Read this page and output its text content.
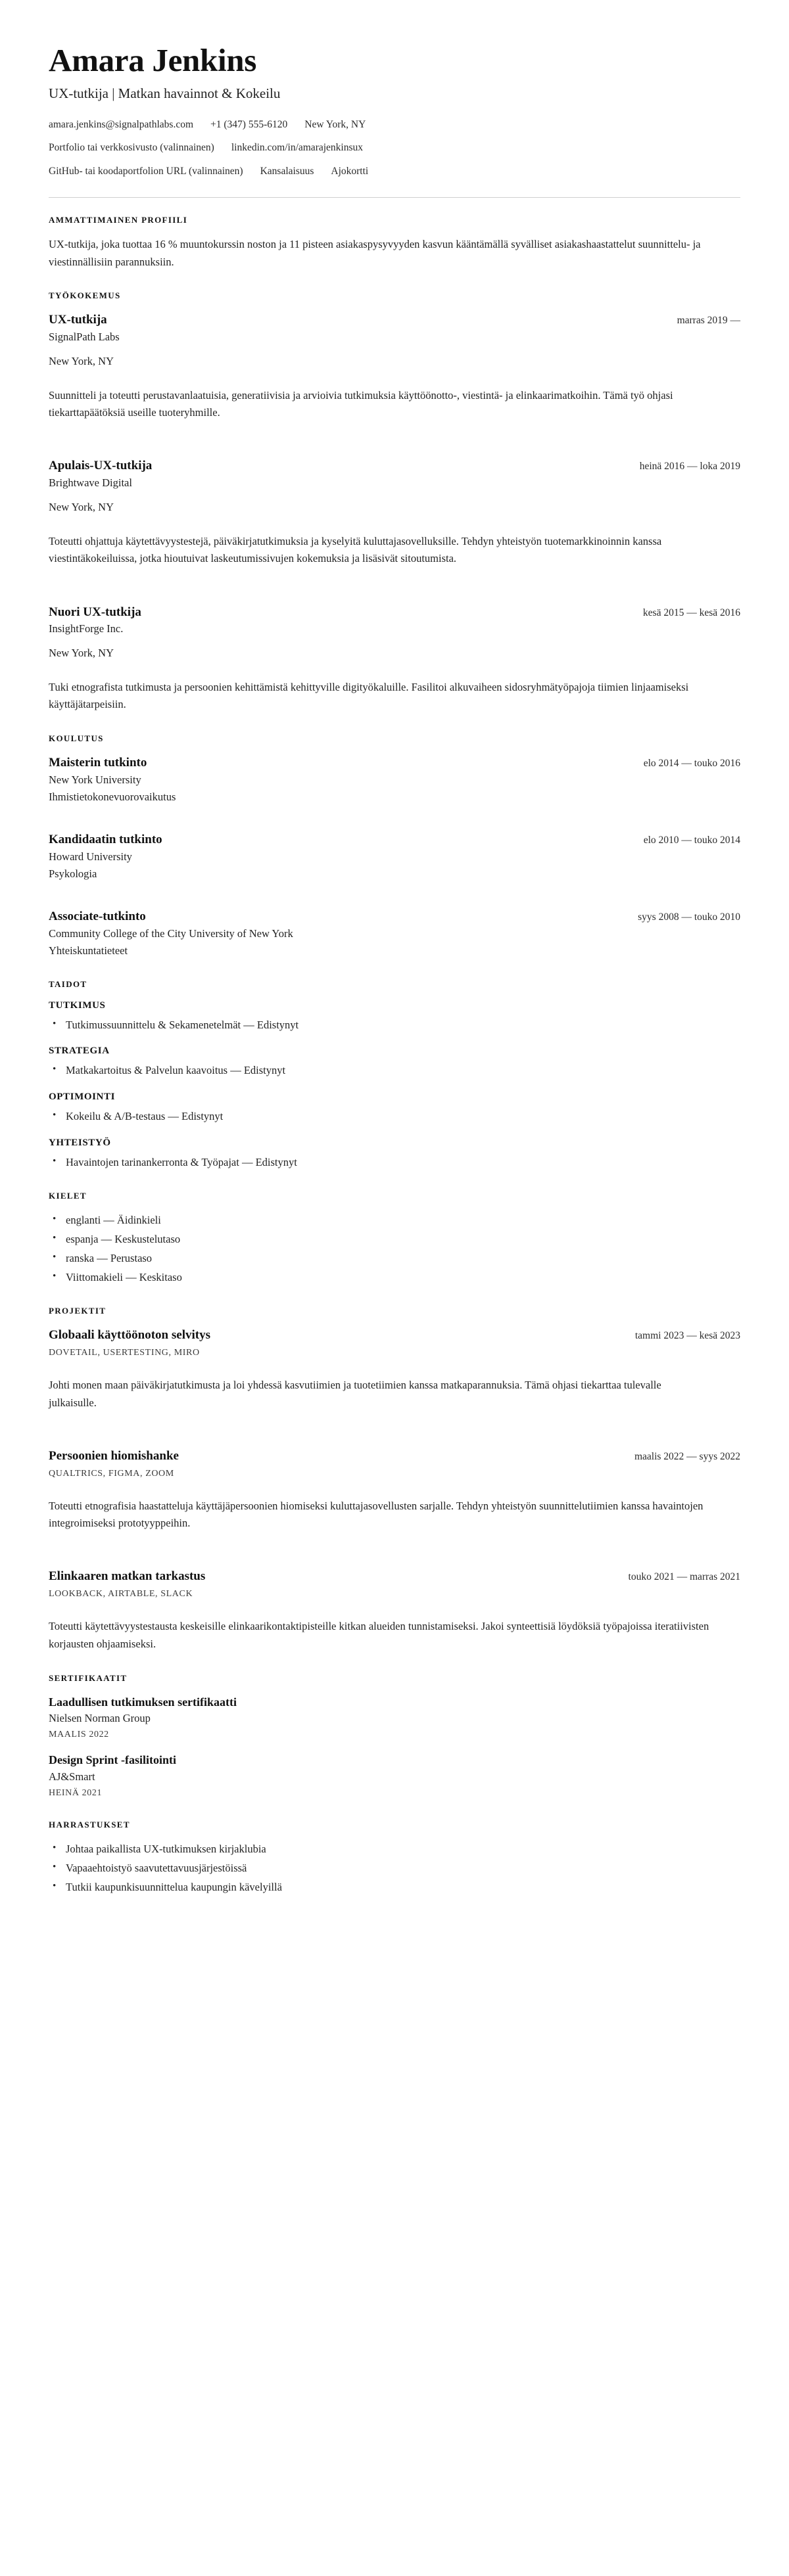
Amara Jenkins
UX-tutkija | Matkan havainnot & Kokeilu
amara.jenkins@signalpathlabs.com +1 (347) 555-6120 New York, NY
Portfolio tai verkkosivusto (valinnainen) linkedin.com/in/amarajenkinsux
GitHub- tai koodaportfolion URL (valinnainen) Kansalaisuus Ajokortti
AMMATTIMAINEN PROFIILI

UX-tutkija, joka tuottaa 16 % muuntokurssin noston ja 11 pisteen asiakaspysyvyyden kasvun kääntämällä syvälliset asiakashaastattelut suunnittelu- ja viestinnällisiin parannuksiin.

TYÖKOKEMUS
UX-tutkija	marras 2019 —
SignalPath Labs
New York, NY

Suunnitteli ja toteutti perustavanlaatuisia, generatiivisia ja arvioivia tutkimuksia käyttöönotto-, viestintä- ja elinkaarimatkoihin. Tämä työ ohjasi tiekarttapäätöksiä useille tuoteryhmille.

Apulais-UX-tutkija	heinä 2016 — loka 2019
Brightwave Digital
New York, NY

Toteutti ohjattuja käytettävyystestejä, päiväkirjatutkimuksia ja kyselyitä kuluttajasovelluksille. Tehdyn yhteistyön tuotemarkkinoinnin kanssa viestintäkokeiluissa, jotka hioutuivat laskeutumissivujen kokemuksia ja lisäsivät sitoutumista.

Nuori UX-tutkija	kesä 2015 — kesä 2016
InsightForge Inc.
New York, NY

Tuki etnografista tutkimusta ja persoonien kehittämistä kehittyville digityökaluille. Fasilitoi alkuvaiheen sidosryhmätyöpajoja tiimien linjaamiseksi käyttäjätarpeisiin.

KOULUTUS
Maisterin tutkinto	elo 2014 — touko 2016
New York University
Ihmistietokonevuorovaikutus
Kandidaatin tutkinto	elo 2010 — touko 2014
Howard University
Psykologia
Associate-tutkinto	syys 2008 — touko 2010
Community College of the City University of New York
Yhteiskuntatieteet
TAIDOT
TUTKIMUS
• Tutkimussuunnittelu & Sekamenetelmät — Edistynyt
STRATEGIA
• Matkakartoitus & Palvelun kaavoitus — Edistynyt
OPTIMOINTI
• Kokeilu & A/B-testaus — Edistynyt
YHTEISTYÖ
• Havaintojen tarinankerronta & Työpajat — Edistynyt
KIELET
• englanti — Äidinkieli
• espanja — Keskustelutaso
• ranska — Perustaso
• Viittomakieli — Keskitaso
PROJEKTIT
Globaali käyttöönoton selvitys	tammi 2023 — kesä 2023
DOVETAIL, USERTESTING, MIRO

Johti monen maan päiväkirjatutkimusta ja loi yhdessä kasvutiimien ja tuotetiimien kanssa matkaparannuksia. Tämä ohjasi tiekarttaa tulevalle julkaisulle.

Persoonien hiomishanke	maalis 2022 — syys 2022
QUALTRICS, FIGMA, ZOOM

Toteutti etnografisia haastatteluja käyttäjäpersoonien hiomiseksi kuluttajasovellusten sarjalle. Tehdyn yhteistyön suunnittelutiimien kanssa havaintojen integroimiseksi prototyyppeihin.

Elinkaaren matkan tarkastus	touko 2021 — marras 2021
LOOKBACK, AIRTABLE, SLACK

Toteutti käytettävyystestausta keskeisille elinkaarikontaktipisteille kitkan alueiden tunnistamiseksi. Jakoi synteettisiä löydöksiä työpajoissa iteratiivisten korjausten ohjaamiseksi.

SERTIFIKAATIT
Laadullisen tutkimuksen sertifikaatti
Nielsen Norman Group
MAALIS 2022
Design Sprint -fasilitointi
AJ&Smart
HEINÄ 2021
HARRASTUKSET
• Johtaa paikallista UX-tutkimuksen kirjaklubia
• Vapaaehtoistyö saavutettavuusjärjestöissä
• Tutkii kaupunkisuunnittelua kaupungin kävelyillä
